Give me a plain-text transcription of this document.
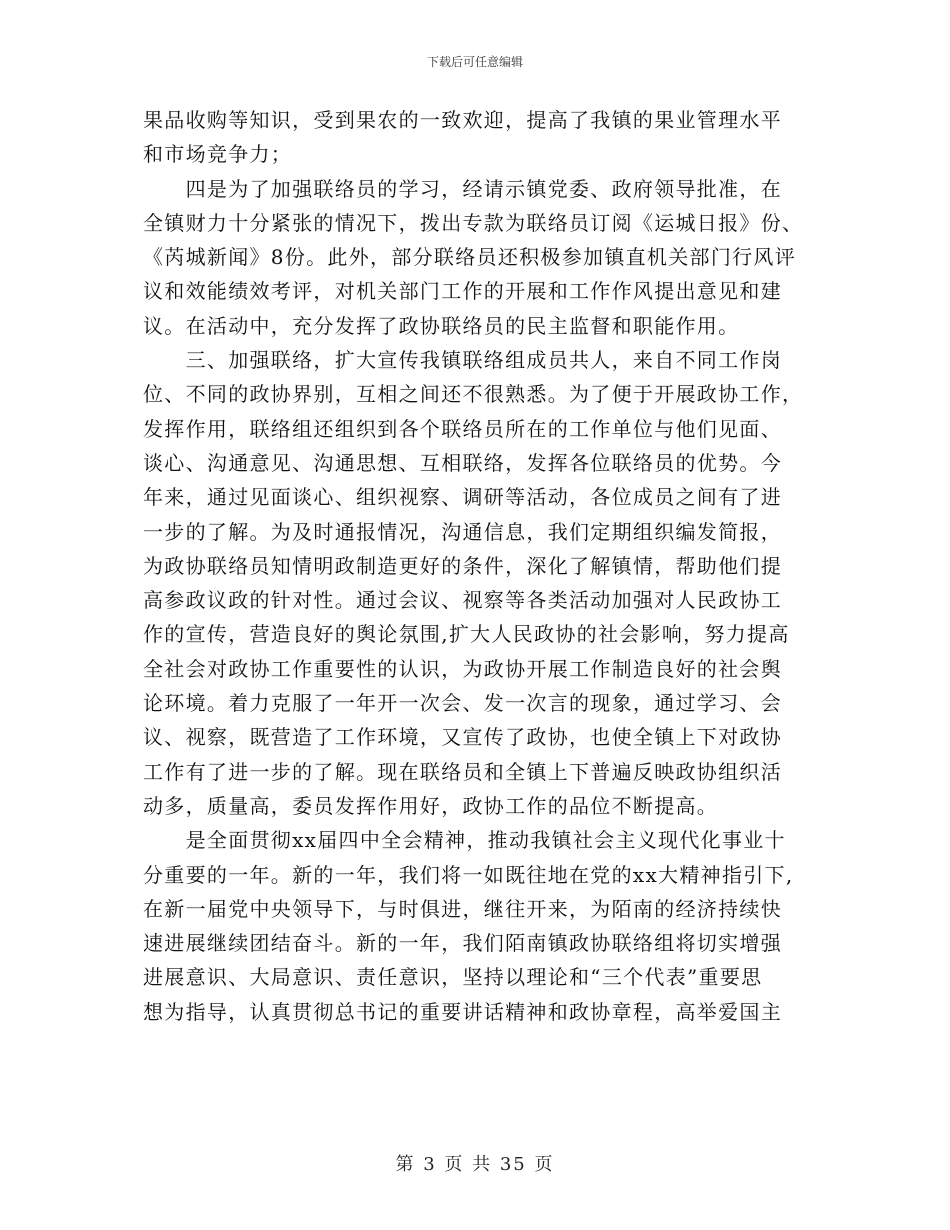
下载后可任意编辑
果品收购等知识，受到果农的一致欢迎，提高了我镇的果业管理水平
和市场竞争力；
　　四是为了加强联络员的学习，经请示镇党委、政府领导批准，在
全镇财力十分紧张的情况下，拨出专款为联络员订阅《运城日报》份、
《芮城新闻》8份。此外，部分联络员还积极参加镇直机关部门行风评
议和效能绩效考评，对机关部门工作的开展和工作作风提出意见和建
议。在活动中，充分发挥了政协联络员的民主监督和职能作用。
　　三、加强联络，扩大宣传我镇联络组成员共人，来自不同工作岗
位、不同的政协界别，互相之间还不很熟悉。为了便于开展政协工作，
发挥作用，联络组还组织到各个联络员所在的工作单位与他们见面、
谈心、沟通意见、沟通思想、互相联络，发挥各位联络员的优势。今
年来，通过见面谈心、组织视察、调研等活动，各位成员之间有了进
一步的了解。为及时通报情况，沟通信息，我们定期组织编发简报，
为政协联络员知情明政制造更好的条件，深化了解镇情，帮助他们提
高参政议政的针对性。通过会议、视察等各类活动加强对人民政协工
作的宣传，营造良好的舆论氛围,扩大人民政协的社会影响，努力提高
全社会对政协工作重要性的认识，为政协开展工作制造良好的社会舆
论环境。着力克服了一年开一次会、发一次言的现象，通过学习、会
议、视察，既营造了工作环境，又宣传了政协，也使全镇上下对政协
工作有了进一步的了解。现在联络员和全镇上下普遍反映政协组织活
动多，质量高，委员发挥作用好，政协工作的品位不断提高。
　　是全面贯彻xx届四中全会精神，推动我镇社会主义现代化事业十
分重要的一年。新的一年，我们将一如既往地在党的xx大精神指引下,
在新一届党中央领导下，与时俱进，继往开来，为陌南的经济持续快
速进展继续团结奋斗。新的一年，我们陌南镇政协联络组将切实增强
进展意识、大局意识、责任意识，坚持以理论和“三个代表”重要思
想为指导，认真贯彻总书记的重要讲话精神和政协章程，高举爱国主
第 3 页 共 35 页
